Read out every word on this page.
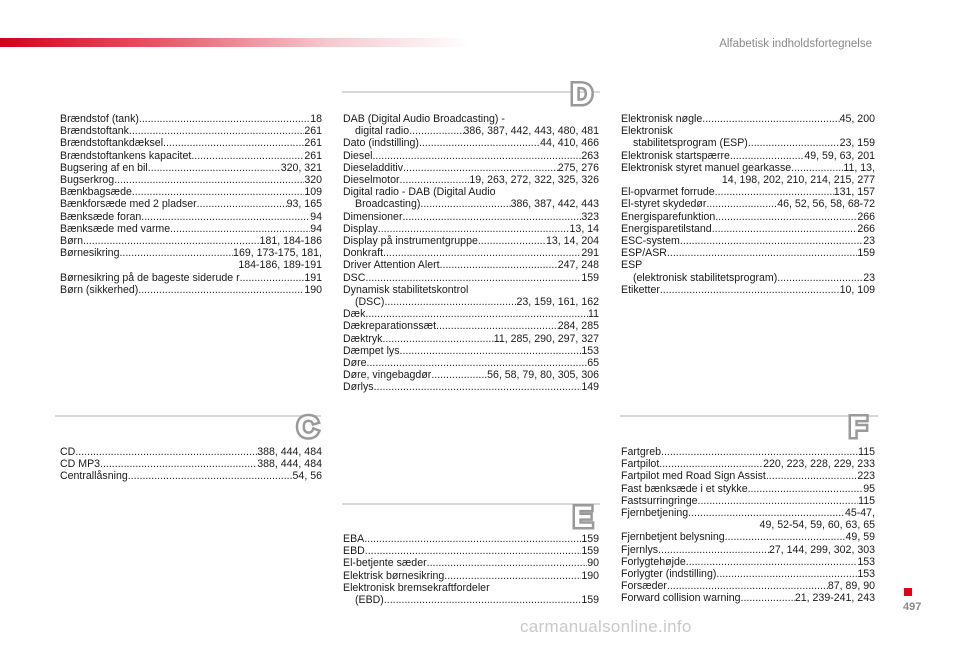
Alfabetisk indholdsfortegnelse
D
C
E
F
Brændstof (tank) .....	18
Brændstoftank .....	261
Brændstoftankdæksel .....	261
Brændstoftankens kapacitet .....	261
Bugsering af en bil .....	320, 321
Bugserkrog .....	320
Bænkbagsæde .....	109
Bænkforsæde med 2 pladser .....	93, 165
Bænksæde foran .....	94
Bænksæde med varme .....	94
Børn .....	181, 184-186
Børnesikring .....	169, 173-175, 181,
184-186, 189-191
Børnesikring på de bageste siderude r .....	191
Børn (sikkerhed) .....	190
CD .....	388, 444, 484
CD MP3 .....	388, 444, 484
Centrallåsning .....	54, 56
DAB (Digital Audio Broadcasting) -
digital radio .....	386, 387, 442, 443, 480, 481
Dato (indstilling) .....	44, 410, 466
Diesel .....	263
Dieseladditiv .....	275, 276
Dieselmotor .....	19, 263, 272, 322, 325, 326
Digital radio - DAB (Digital Audio
Broadcasting) .....	386, 387, 442, 443
Dimensioner .....	323
Display .....	13, 14
Display på instrumentgruppe .....	13, 14, 204
Donkraft .....	291
Driver Attention Alert .....	247, 248
DSC .....	159
Dynamisk stabilitetskontrol
(DSC) .....	23, 159, 161, 162
Dæk .....	11
Dækreparationssæt .....	284, 285
Dæktryk .....	11, 285, 290, 297, 327
Dæmpet lys .....	153
Døre .....	65
Døre, vingebagdør .....	56, 58, 79, 80, 305, 306
Dørlys .....	149
EBA .....	159
EBD .....	159
El-betjente sæder .....	90
Elektrisk børnesikring .....	190
Elektronisk bremsekraftfordeler
(EBD) .....	159
Elektronisk nøgle .....	45, 200
Elektronisk
stabilitetsprogram (ESP) .....	23, 159
Elektronisk startspærre .....	49, 59, 63, 201
Elektronisk styret manuel gearkasse .....	11, 13,
14, 198, 202, 210, 214, 215, 277
El-opvarmet forrude .....	131, 157
El-styret skydedør .....	46, 52, 56, 58, 68-72
Energisparefunktion .....	266
Energisparetilstand .....	266
ESC-system .....	23
ESP/ASR .....	159
ESP
(elektronisk stabilitetsprogram) .....	23
Etiketter .....	10, 109
Fartgreb .....	115
Fartpilot .....	220, 223, 228, 229, 233
Fartpilot med Road Sign Assist .....	223
Fast bænksæde i et stykke .....	95
Fastsurringringe .....	115
Fjernbetjening .....	45-47,
49, 52-54, 59, 60, 63, 65
Fjernbetjent belysning .....	49, 59
Fjernlys .....	27, 144, 299, 302, 303
Forlygtehøjde .....	153
Forlygter (indstilling) .....	153
Forsæder .....	87, 89, 90
Forward collision warning .....	21, 239-241, 243
497
carmanualsonline.info
